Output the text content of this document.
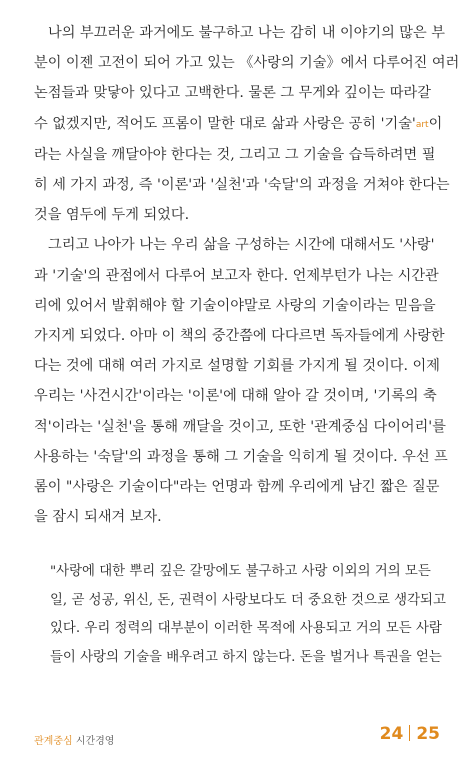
나의 부끄러운 과거에도 불구하고 나는 감히 내 이야기의 많은 부
분이 이젠 고전이 되어 가고 있는 《사랑의 기술》에서 다루어진 여러
논점들과 맞닿아 있다고 고백한다. 물론 그 무게와 깊이는 따라갈
수 없겠지만, 적어도 프롬이 말한 대로 삶과 사랑은 공히 '기술'art이
라는 사실을 깨달아야 한다는 것, 그리고 그 기술을 습득하려면 필
히 세 가지 과정, 즉 '이론'과 '실천'과 '숙달'의 과정을 거쳐야 한다는
것을 염두에 두게 되었다.

그리고 나아가 나는 우리 삶을 구성하는 시간에 대해서도 '사랑'
과 '기술'의 관점에서 다루어 보고자 한다. 언제부턴가 나는 시간관
리에 있어서 발휘해야 할 기술이야말로 사랑의 기술이라는 믿음을
가지게 되었다. 아마 이 책의 중간쯤에 다다르면 독자들에게 사랑한
다는 것에 대해 여러 가지로 설명할 기회를 가지게 될 것이다. 이제
우리는 '사건시간'이라는 '이론'에 대해 알아 갈 것이며, '기록의 축
적'이라는 '실천'을 통해 깨달을 것이고, 또한 '관계중심 다이어리'를
사용하는 '숙달'의 과정을 통해 그 기술을 익히게 될 것이다. 우선 프
롬이 "사랑은 기술이다"라는 언명과 함께 우리에게 남긴 짧은 질문
을 잠시 되새겨 보자.

"사랑에 대한 뿌리 깊은 갈망에도 불구하고 사랑 이외의 거의 모든
일, 곧 성공, 위신, 돈, 권력이 사랑보다도 더 중요한 것으로 생각되고
있다. 우리 정력의 대부분이 이러한 목적에 사용되고 거의 모든 사람
들이 사랑의 기술을 배우려고 하지 않는다. 돈을 벌거나 특권을 얻는
관계중심 시간경영	24 25
